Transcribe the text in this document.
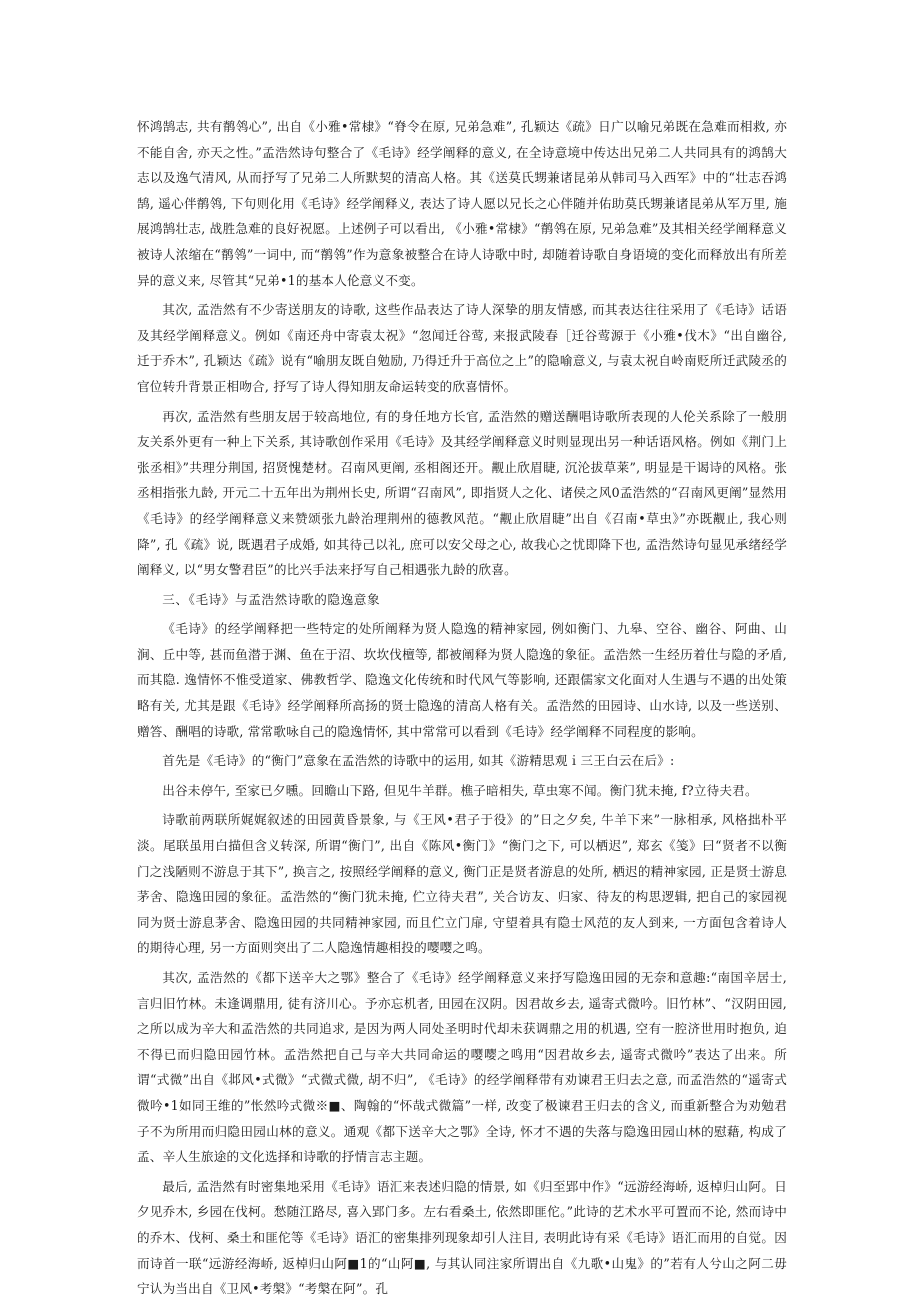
怀鸿鹄志, 共有鹡鸰心”, 出自《小雅•常棣》“脊令在原, 兄弟急难”, 孔颖达《疏》日广以喻兄弟既在急难而相救, 亦不能自舍, 亦天之性。”孟浩然诗句整合了《毛诗》经学阐释的意义, 在全诗意境中传达出兄弟二人共同具有的鸿鹄大志以及逸气清风, 从而抒写了兄弟二人所默契的清高人格。其《送莫氏甥兼诸昆弟从韩司马入西军》中的“壮志吞鸿鹄, 遥心伴鹡鸰, 下句则化用《毛诗》经学阐释义, 表达了诗人愿以兄长之心伴随并佑助莫氏甥兼诸昆弟从军万里, 施展鸿鹄壮志, 战胜急难的良好祝愿。上述例子可以看出, 《小雅•常棣》“鹡鸰在原, 兄弟急难”及其相关经学阐释意义被诗人浓缩在“鹡鸰”一词中, 而“鹡鸰”作为意象被整合在诗人诗歌中时, 却随着诗歌自身语境的变化而释放出有所差异的意义来, 尽管其“兄弟•1的基本人伦意义不变。

其次, 孟浩然有不少寄送朋友的诗歌, 这些作品表达了诗人深挚的朋友情感, 而其表达往往采用了《毛诗》话语及其经学阐释意义。例如《南还舟中寄袁太祝》“忽闻迁谷莺, 来报武陵春［迁谷莺源于《小雅•伐木》“出自幽谷, 迁于乔木”, 孔颖达《疏》说有“喻朋友既自勉励, 乃得迁升于高位之上”的隐喻意义, 与袁太祝自岭南贬所迁武陵丞的官位转升背景正相吻合, 抒写了诗人得知朋友命运转变的欣喜情怀。

再次, 孟浩然有些朋友居于较高地位, 有的身任地方长官, 孟浩然的赠送酬唱诗歌所表现的人伦关系除了一般朋友关系外更有一种上下关系, 其诗歌创作采用《毛诗》及其经学阐释意义时则显现出另一种话语风格。例如《荆门上张丞相》”共理分荆国, 招贤愧楚材。召南风更阐, 丞相阁还开。觏止欣眉睫, 沉沦拔草莱”, 明显是干谒诗的风格。张丞相指张九龄, 开元二十五年出为荆州长史, 所谓“召南风”, 即指贤人之化、诸侯之风0孟浩然的“召南风更阐”显然用《毛诗》的经学阐释意义来赞颂张九龄治理荆州的德教风范。“觏止欣眉睫”出自《召南•草虫》”亦既觏止, 我心则降”, 孔《疏》说, 既遇君子成婚, 如其待己以礼, 庶可以安父母之心, 故我心之忧即降下也, 孟浩然诗句显见承绪经学阐释义, 以“男女警君臣”的比兴手法来抒写自己相遇张九龄的欣喜。

三、《毛诗》与孟浩然诗歌的隐逸意象

《毛诗》的经学阐释把一些特定的处所阐释为贤人隐逸的精神家园, 例如衡门、九皋、空谷、幽谷、阿曲、山涧、丘中等, 甚而鱼潜于渊、鱼在于沼、坎坎伐檀等, 都被阐释为贤人隐逸的象征。孟浩然一生经历着仕与隐的矛盾, 而其隐. 逸情怀不惟受道家、佛教哲学、隐逸文化传统和时代风气等影响, 还跟儒家文化面对人生遇与不遇的出处策略有关, 尤其是跟《毛诗》经学阐释所高扬的贤士隐逸的清高人格有关。孟浩然的田园诗、山水诗, 以及一些送别、赠答、酬唱的诗歌, 常常歌咏自己的隐逸情怀, 其中常常可以看到《毛诗》经学阐释不同程度的影响。

首先是《毛诗》的“衡门”意象在孟浩然的诗歌中的运用, 如其《游精思观ｉ三王白云在后》:

出谷未停午, 至家已夕曛。回瞻山下路, 但见牛羊群。樵子暗相失, 草虫寒不闻。衡门犹未掩, f?立待夫君。

诗歌前两联所娓娓叙述的田园黄昏景象, 与《王风•君子于役》的”日之夕矣, 牛羊下来”一脉相承, 风格拙朴平淡。尾联虽用白描但含义转深, 所谓“衡门”, 出自《陈风•衡门》“衡门之下, 可以栖迟”, 郑玄《笺》曰“贤者不以衡门之浅陋则不游息于其下”, 换言之, 按照经学阐释的意义, 衡门正是贤者游息的处所, 栖迟的精神家园, 正是贤士游息茅舍、隐逸田园的象征。孟浩然的“衡门犹未掩, 伫立待夫君”, 关合访友、归家、待友的构思逻辑, 把自己的家园视同为贤士游息茅舍、隐逸田园的共同精神家园, 而且伫立门扉, 守望着具有隐士风范的友人到来, 一方面包含着诗人的期待心理, 另一方面则突出了二人隐逸情趣相投的嘤嘤之鸣。

其次, 孟浩然的《都下送辛大之鄂》整合了《毛诗》经学阐释意义来抒写隐逸田园的无奈和意趣:“南国辛居士, 言归旧竹林。未逢调鼎用, 徒有济川心。予亦忘机者, 田园在汉阴。因君故乡去, 遥寄式微吟。旧竹林”、“汉阴田园, 之所以成为辛大和孟浩然的共同追求, 是因为两人同处圣明时代却未获调鼎之用的机遇, 空有一腔济世用时抱负, 迫不得已而归隐田园竹林。孟浩然把自己与辛大共同命运的嘤嘤之鸣用“因君故乡去, 遥寄式微吟”表达了出来。所谓“式微”出自《邶风•式微》“式微式微, 胡不归”, 《毛诗》的经学阐释带有劝谏君王归去之意, 而孟浩然的“遥寄式微吟•1如同王维的”怅然吟式微※■、陶翰的“怀哉式微篇”一样, 改变了极谏君王归去的含义, 而重新整合为劝勉君子不为所用而归隐田园山林的意义。通观《都下送辛大之鄂》全诗, 怀才不遇的失落与隐逸田园山林的慰藉, 构成了孟、辛人生旅途的文化选择和诗歌的抒情言志主题。

最后, 孟浩然有时密集地采用《毛诗》语汇来表述归隐的情景, 如《归至郢中作》“远游经海峤, 返棹归山阿。日夕见乔木, 乡园在伐柯。愁随江路尽, 喜入郢门多。左右看桑土, 依然即匪佗。”此诗的艺术水平可置而不论, 然而诗中的乔木、伐柯、桑土和匪佗等《毛诗》语汇的密集排列现象却引人注目, 表明此诗有采《毛诗》语汇而用的自觉。因而诗首一联“远游经海峤, 返棹归山阿■1的“山阿■, 与其认同注家所谓出自《九歌•山鬼》的”若有人兮山之阿二毋宁认为当出自《卫风•考槃》“考槃在阿”。孔
